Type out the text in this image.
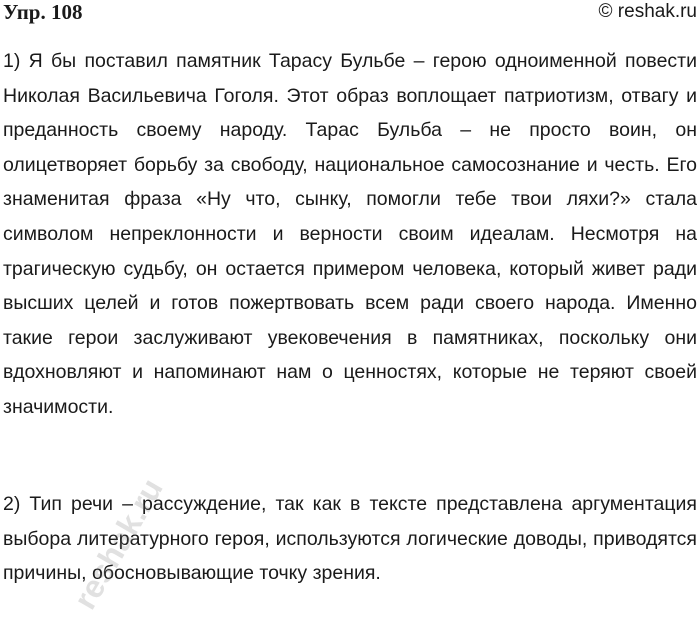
Упр. 108	© reshak.ru

1) Я бы поставил памятник Тарасу Бульбе – герою одноименной повести Николая Васильевича Гоголя. Этот образ воплощает патриотизм, отвагу и преданность своему народу. Тарас Бульба – не просто воин, он олицетворяет борьбу за свободу, национальное самосознание и честь. Его знаменитая фраза «Ну что, сынку, помогли тебе твои ляхи?» стала символом непреклонности и верности своим идеалам. Несмотря на трагическую судьбу, он остается примером человека, который живет ради высших целей и готов пожертвовать всем ради своего народа. Именно такие герои заслуживают увековечения в памятниках, поскольку они вдохновляют и напоминают нам о ценностях, которые не теряют своей значимости.

2) Тип речи – рассуждение, так как в тексте представлена аргументация выбора литературного героя, используются логические доводы, приводятся причины, обосновывающие точку зрения.

reshak.ru
